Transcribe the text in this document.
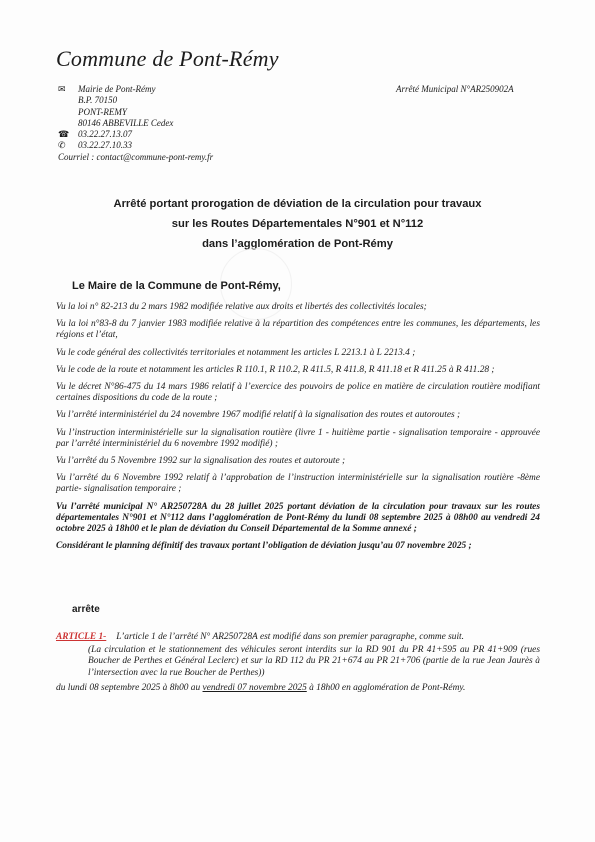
Commune de Pont-Rémy
✉	Mairie de Pont-Rémy
B.P. 70150
PONT-REMY
80146 ABBEVILLE Cedex
☎ 03.22.27.13.07
✆	03.22.27.10.33
Courriel : contact@commune-pont-remy.fr
Arrêté Municipal N°AR250902A
Arrêté portant prorogation de déviation de la circulation pour travaux
sur les Routes Départementales N°901 et N°112
dans l’agglomération de Pont-Rémy
Le Maire de la Commune de Pont-Rémy,

Vu la loi n° 82-213 du 2 mars 1982 modifiée relative aux droits et libertés des collectivités locales;

Vu la loi n°83-8 du 7 janvier 1983 modifiée relative à la répartition des compétences entre les communes, les départements, les régions et l’état,

Vu le code général des collectivités territoriales et notamment les articles L 2213.1 à L 2213.4 ;

Vu le code de la route et notamment les articles R 110.1, R 110.2, R 411.5, R 411.8, R 411.18 et R 411.25 à R 411.28 ;

Vu le décret N°86-475 du 14 mars 1986 relatif à l’exercice des pouvoirs de police en matière de circulation routière modifiant certaines dispositions du code de la route ;

Vu l’arrêté interministériel du 24 novembre 1967 modifié relatif à la signalisation des routes et autoroutes ;

Vu l’instruction interministérielle sur la signalisation routière (livre 1 - huitième partie - signalisation temporaire - approuvée par l’arrêté interministériel du 6 novembre 1992 modifié) ;

Vu l’arrêté du 5 Novembre 1992 sur la signalisation des routes et autoroute ;

Vu l’arrêté du 6 Novembre 1992 relatif à l’approbation de l’instruction interministérielle sur la signalisation routière -8ème partie- signalisation temporaire ;

Vu l’arrêté municipal N° AR250728A du 28 juillet 2025 portant déviation de la circulation pour travaux sur les routes départementales N°901 et N°112 dans l’agglomération de Pont-Rémy du lundi 08 septembre 2025 à 08h00 au vendredi 24 octobre 2025 à 18h00 et le plan de déviation du Conseil Départemental de la Somme annexé ;

Considérant le planning définitif des travaux portant l’obligation de déviation jusqu’au 07 novembre 2025 ;

arrête

ARTICLE 1- L’article 1 de l’arrêté N° AR250728A est modifié dans son premier paragraphe, comme suit.

(La circulation et le stationnement des véhicules seront interdits sur la RD 901 du PR 41+595 au PR 41+909 (rues Boucher de Perthes et Général Leclerc) et sur la RD 112 du PR 21+674 au PR 21+706 (partie de la rue Jean Jaurès à l’intersection avec la rue Boucher de Perthes))

du lundi 08 septembre 2025 à 8h00 au vendredi 07 novembre 2025 à 18h00 en agglomération de Pont-Rémy.
